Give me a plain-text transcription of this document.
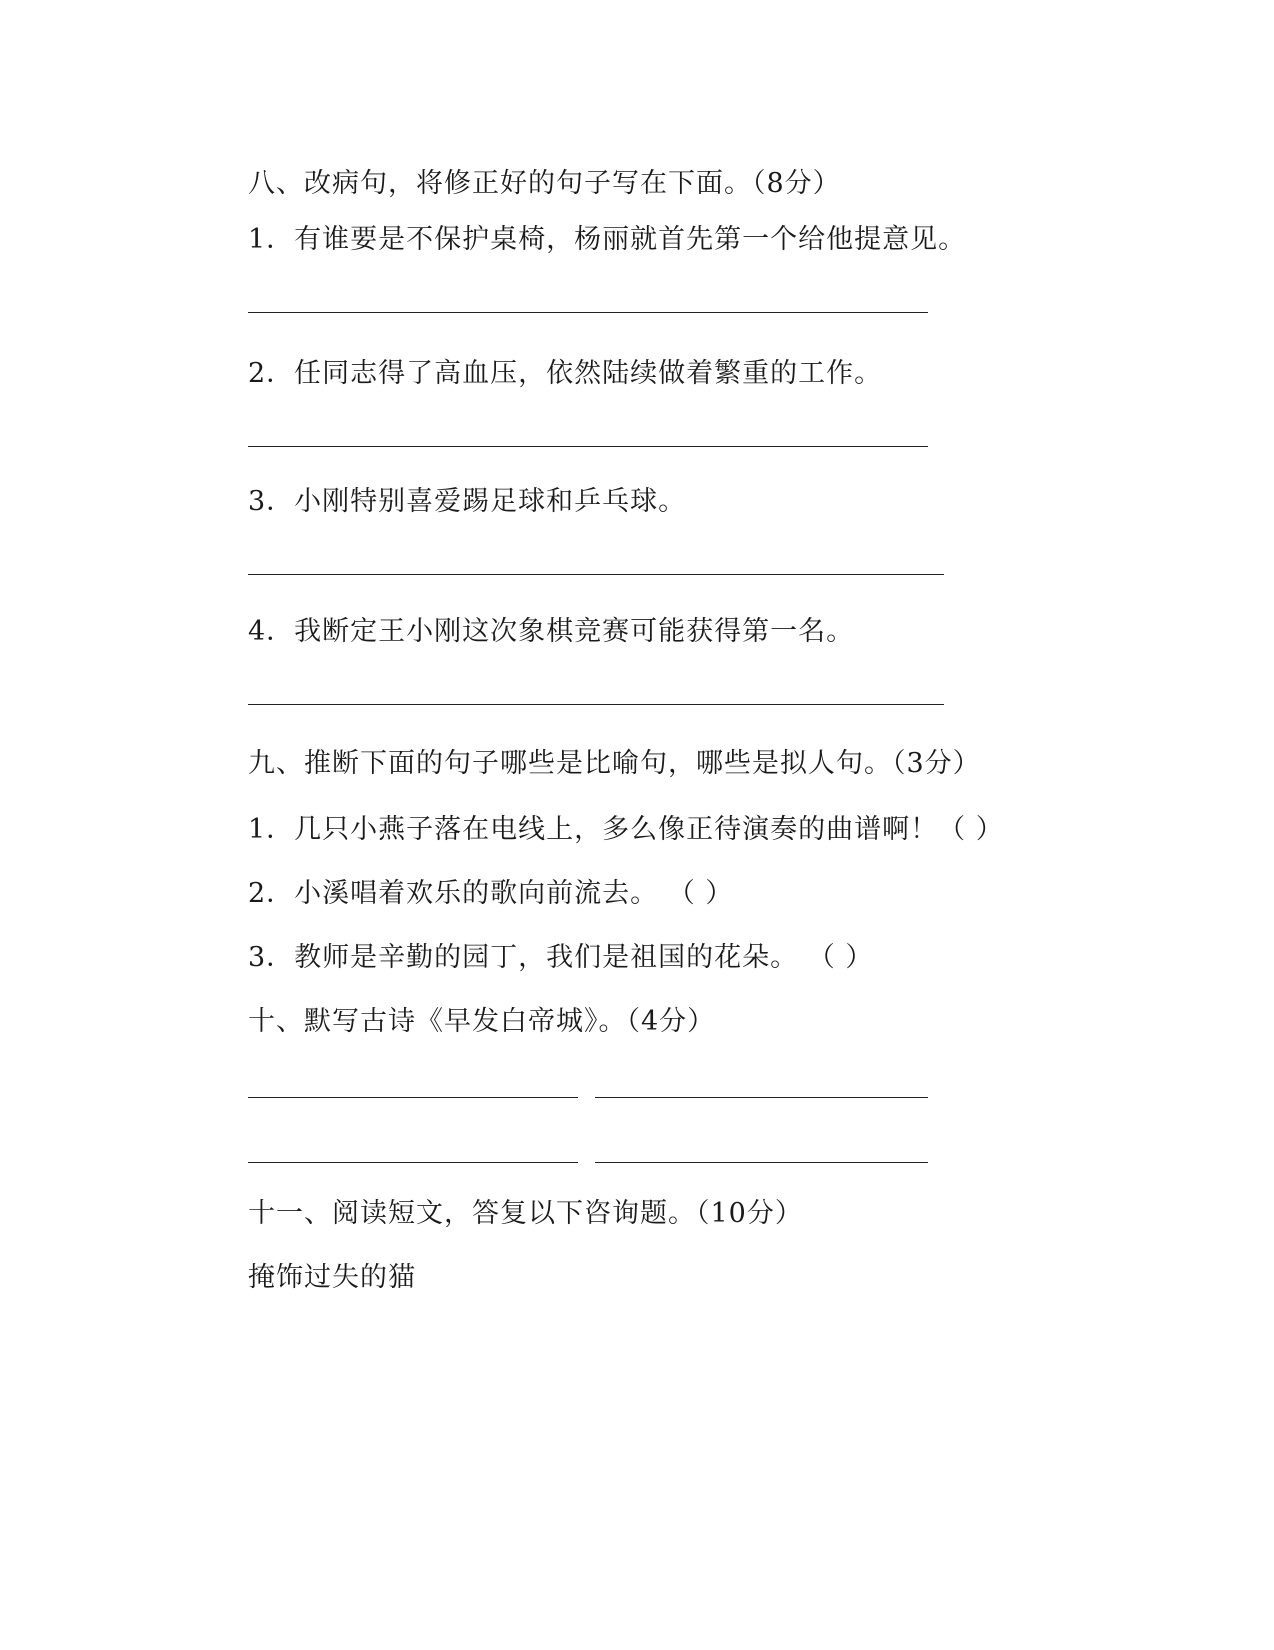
八、改病句，将修正好的句子写在下面。（8分）
1．有谁要是不保护桌椅，杨丽就首先第一个给他提意见。
2．任同志得了高血压，依然陆续做着繁重的工作。
3．小刚特别喜爱踢足球和乒乓球。
4．我断定王小刚这次象棋竞赛可能获得第一名。
九、推断下面的句子哪些是比喻句，哪些是拟人句。（3分）
1．几只小燕子落在电线上，多么像正待演奏的曲谱啊！（ ）
2．小溪唱着欢乐的歌向前流去。 （ ）
3．教师是辛勤的园丁，我们是祖国的花朵。 （ ）
十、默写古诗《早发白帝城》。（4分）
十一、阅读短文，答复以下咨询题。（10分）
掩饰过失的猫
